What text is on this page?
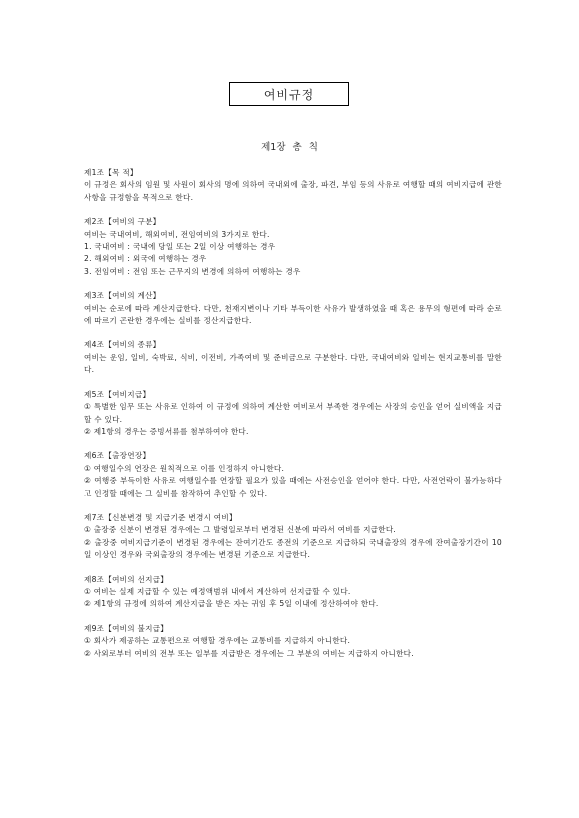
여비규정
제1장 총 칙

제1조【목 적】

이 규정은 회사의 임원 및 사원이 회사의 명에 의하여 국내외에 출장, 파견, 부임 등의 사유로 여행할 때의 여비지급에 관한 사항을 규정함을 목적으로 한다.

제2조【여비의 구분】

여비는 국내여비, 해외여비, 전임여비의 3가지로 한다.

1. 국내여비 : 국내에 당일 또는 2일 이상 여행하는 경우

2. 해외여비 : 외국에 여행하는 경우

3. 전임여비 : 전임 또는 근무지의 변경에 의하여 여행하는 경우

제3조【여비의 계산】

여비는 순로에 따라 계산지급한다. 다만, 천재지변이나 기타 부득이한 사유가 발생하였을 때 혹은 용무의 형편에 따라 순로에 따르기 곤란한 경우에는 실비를 정산지급한다.

제4조【여비의 종류】

여비는 운임, 일비, 숙박료, 식비, 이전비, 가족여비 및 준비금으로 구분한다. 다만, 국내여비와 일비는 현지교통비를 말한다.

제5조【여비지급】

① 특별한 임무 또는 사유로 인하여 이 규정에 의하여 계산한 여비로서 부족한 경우에는 사장의 승인을 얻어 실비액을 지급할 수 있다.

② 제1항의 경우는 증빙서류를 첨부하여야 한다.

제6조【출장연장】

① 여행일수의 연장은 원칙적으로 이를 인정하지 아니한다.

② 여행중 부득이한 사유로 여행일수를 연장할 필요가 있을 때에는 사전승인을 얻어야 한다. 다만, 사전연락이 불가능하다고 인정할 때에는 그 실비를 참작하여 추인할 수 있다.

제7조【신분변경 및 지급기준 변경시 여비】

① 출장중 신분이 변경된 경우에는 그 발령일로부터 변경된 신분에 따라서 여비를 지급한다.

② 출장중 여비지급기준이 변경된 경우에는 잔여기간도 종전의 기준으로 지급하되 국내출장의 경우에 잔여출장기간이 10일 이상인 경우와 국외출장의 경우에는 변경된 기준으로 지급한다.

제8조【여비의 선지급】

① 여비는 실제 지급할 수 있는 예정액범위 내에서 계산하여 선지급할 수 있다.

② 제1항의 규정에 의하여 계산지급을 받은 자는 귀임 후 5일 이내에 정산하여야 한다.

제9조【여비의 불지급】

① 회사가 제공하는 교통편으로 여행할 경우에는 교통비를 지급하지 아니한다.

② 사외로부터 여비의 전부 또는 일부를 지급받은 경우에는 그 부분의 여비는 지급하지 아니한다.
